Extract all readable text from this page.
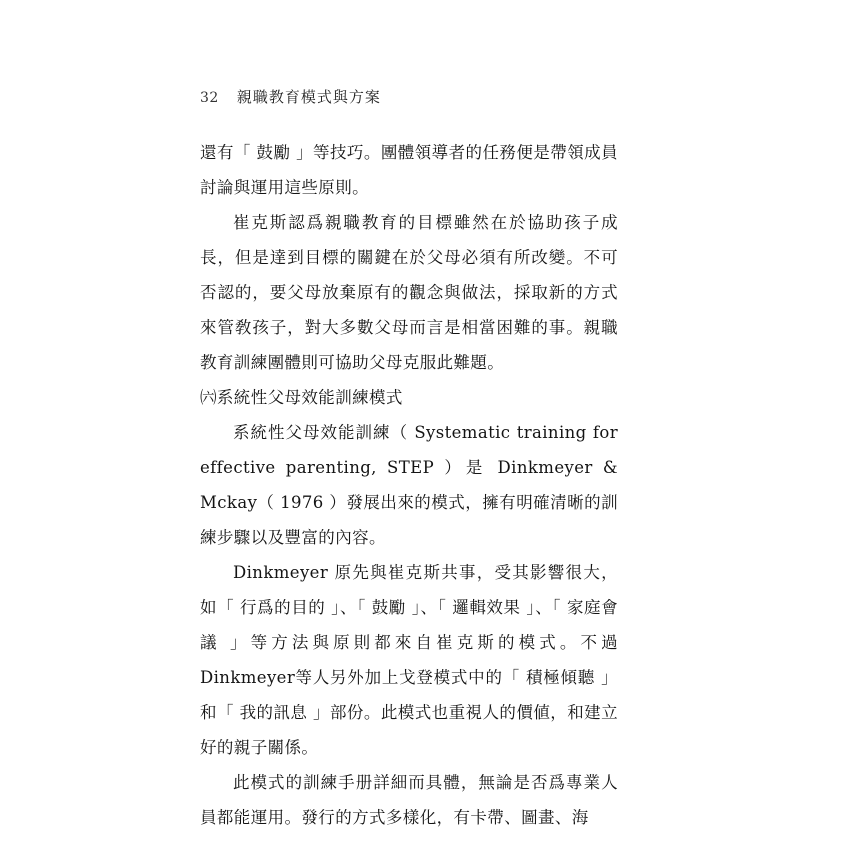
32 親職教育模式與方案

還有「 鼓勵 」等技巧。團體領導者的任務便是帶領成員討論與運用這些原則。

崔克斯認爲親職教育的目標雖然在於協助孩子成長，但是達到目標的關鍵在於父母必須有所改變。不可否認的，要父母放棄原有的觀念與做法，採取新的方式來管敎孩子，對大多數父母而言是相當困難的事。親職教育訓練團體則可協助父母克服此難題。

㈥系統性父母效能訓練模式

系統性父母效能訓練（ Systematic training for effective parenting, STEP ）是 Dinkmeyer & Mckay（ 1976 ）發展出來的模式，擁有明確清晰的訓練步驟以及豐富的內容。

Dinkmeyer 原先與崔克斯共事，受其影響很大，如「 行爲的目的 」、「 鼓勵 」、「 邏輯效果 」、「 家庭會議 」等方法與原則都來自崔克斯的模式。不過 Dinkmeyer等人另外加上戈登模式中的「 積極傾聽 」和「 我的訊息 」部份。此模式也重視人的價値，和建立好的親子關係。

此模式的訓練手册詳細而具體，無論是否爲專業人員都能運用。發行的方式多樣化，有卡帶、圖畫、海
